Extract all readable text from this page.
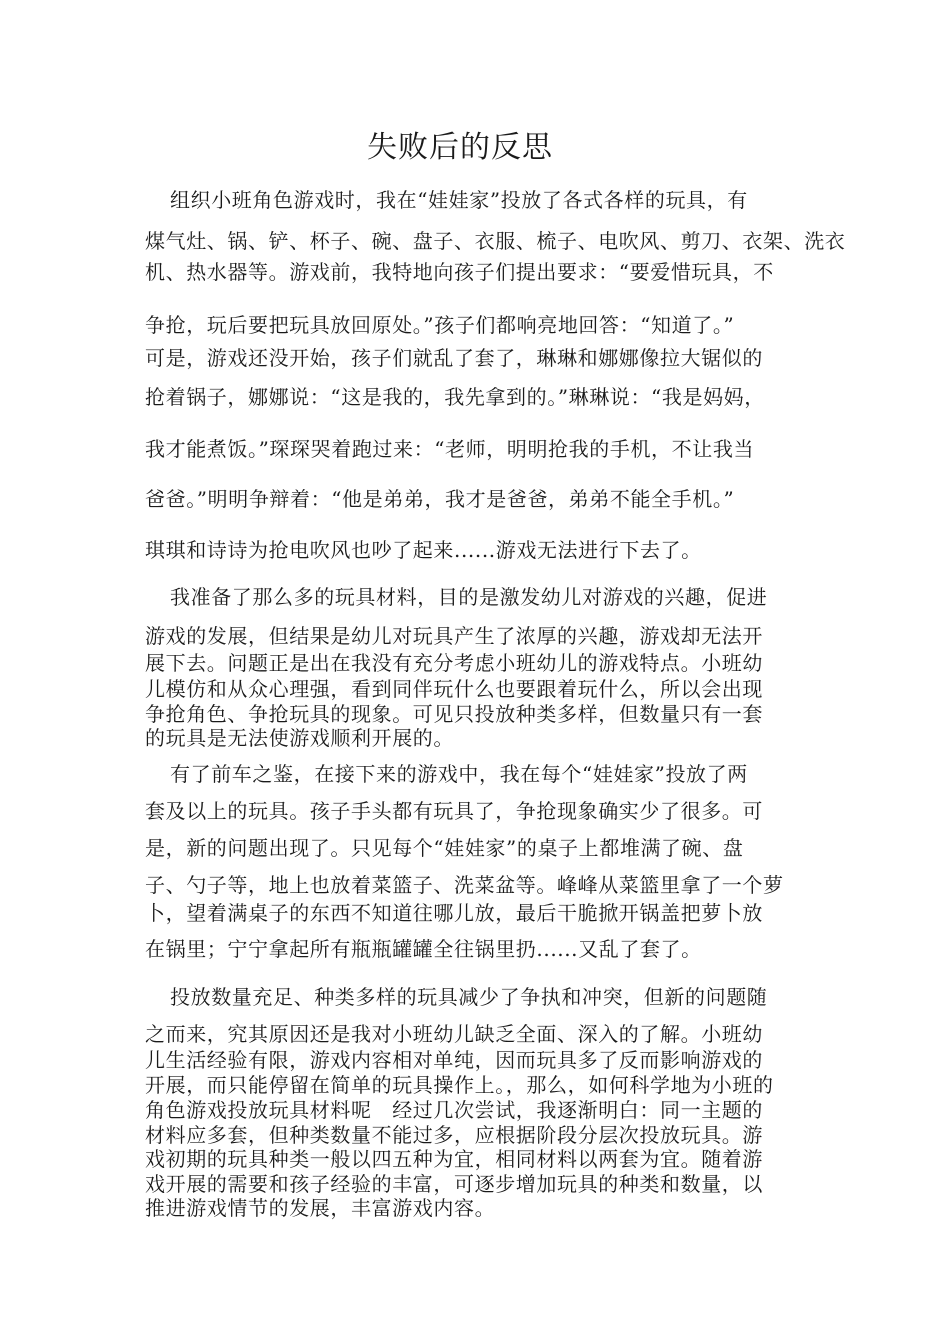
失败后的反思
组织小班角色游戏时，我在“娃娃家”投放了各式各样的玩具，有
煤气灶、锅、铲、杯子、碗、盘子、衣服、梳子、电吹风、剪刀、衣架、洗衣
机、热水器等。游戏前，我特地向孩子们提出要求：“要爱惜玩具，不
争抢，玩后要把玩具放回原处。”孩子们都响亮地回答：“知道了。”
可是，游戏还没开始，孩子们就乱了套了，琳琳和娜娜像拉大锯似的
抢着锅子，娜娜说：“这是我的，我先拿到的。”琳琳说：“我是妈妈，
我才能煮饭。”琛琛哭着跑过来：“老师，明明抢我的手机，不让我当
爸爸。”明明争辩着：“他是弟弟，我才是爸爸，弟弟不能全手机。”
琪琪和诗诗为抢电吹风也吵了起来......游戏无法进行下去了。
我准备了那么多的玩具材料，目的是激发幼儿对游戏的兴趣，促进
游戏的发展，但结果是幼儿对玩具产生了浓厚的兴趣，游戏却无法开
展下去。问题正是出在我没有充分考虑小班幼儿的游戏特点。小班幼
儿模仿和从众心理强，看到同伴玩什么也要跟着玩什么，所以会出现
争抢角色、争抢玩具的现象。可见只投放种类多样，但数量只有一套
的玩具是无法使游戏顺利开展的。
有了前车之鉴，在接下来的游戏中，我在每个“娃娃家”投放了两
套及以上的玩具。孩子手头都有玩具了，争抢现象确实少了很多。可
是，新的问题出现了。只见每个“娃娃家”的桌子上都堆满了碗、盘
子、勺子等，地上也放着菜篮子、洗菜盆等。峰峰从菜篮里拿了一个萝
卜，望着满桌子的东西不知道往哪儿放，最后干脆掀开锅盖把萝卜放
在锅里；宁宁拿起所有瓶瓶罐罐全往锅里扔......又乱了套了。
投放数量充足、种类多样的玩具减少了争执和冲突，但新的问题随
之而来，究其原因还是我对小班幼儿缺乏全面、深入的了解。小班幼
儿生活经验有限，游戏内容相对单纯，因而玩具多了反而影响游戏的
开展，而只能停留在简单的玩具操作上。，那么，如何科学地为小班的
角色游戏投放玩具材料呢　经过几次尝试，我逐渐明白：同一主题的
材料应多套，但种类数量不能过多，应根据阶段分层次投放玩具。游
戏初期的玩具种类一般以四五种为宜，相同材料以两套为宜。随着游
戏开展的需要和孩子经验的丰富，可逐步增加玩具的种类和数量，以
推进游戏情节的发展，丰富游戏内容。
